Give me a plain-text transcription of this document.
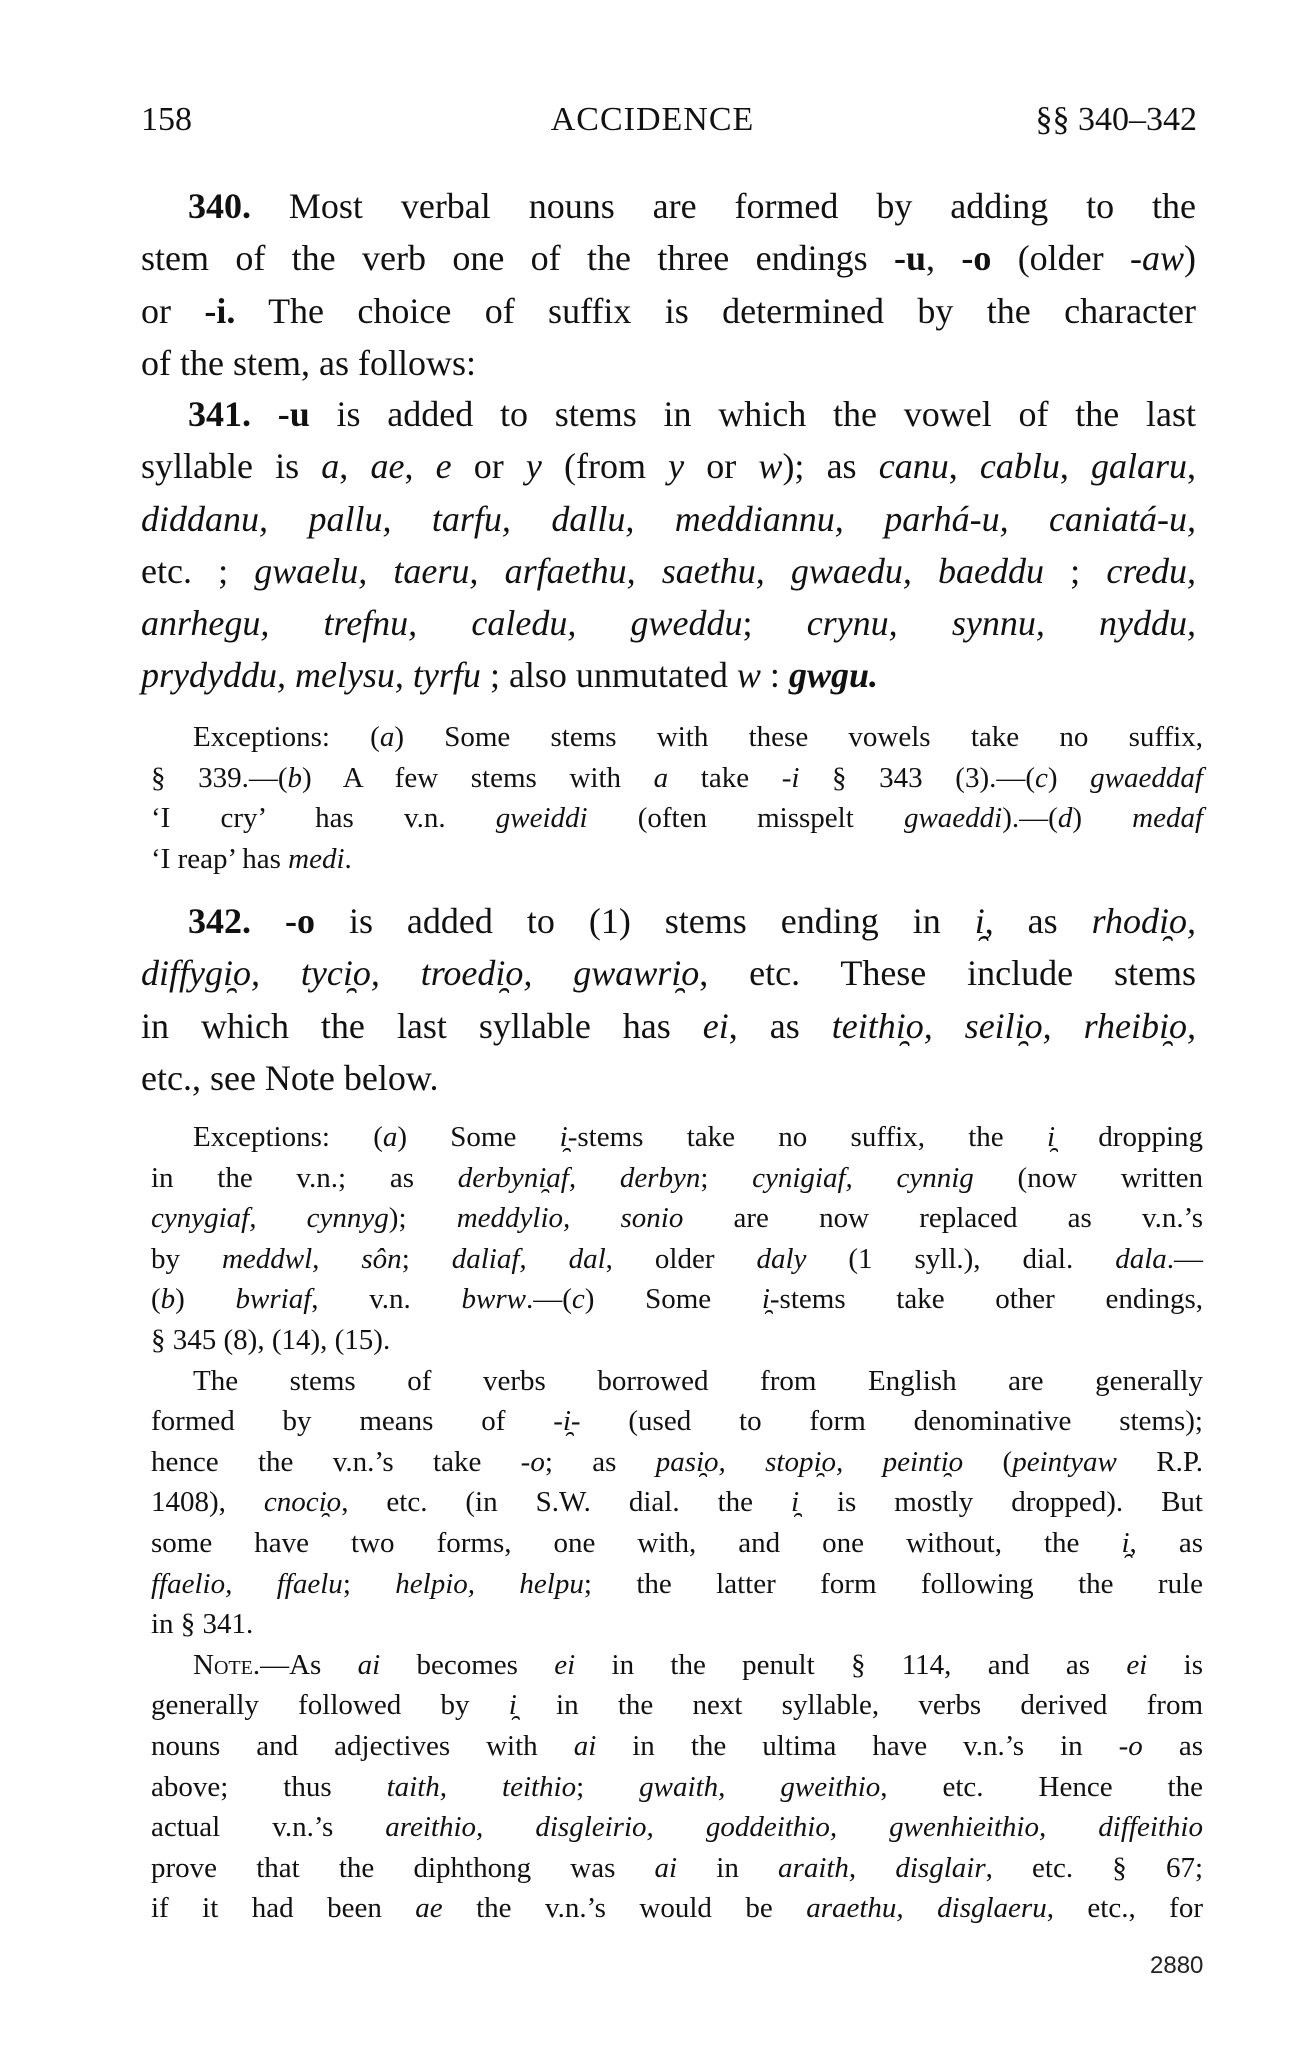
158	ACCIDENCE	§§ 340–342
340. Most verbal nouns are formed by adding to the
stem of the verb one of the three endings -u, -o (older -aw)
or -i. The choice of suffix is determined by the character
of the stem, as follows:
341. -u is added to stems in which the vowel of the last
syllable is a, ae, e or y (from y or w); as canu, cablu, galaru,
diddanu, pallu, tarfu, dallu, meddiannu, parhá-u, caniatá-u,
etc. ; gwaelu, taeru, arfaethu, saethu, gwaedu, baeddu ; credu,
anrhegu, trefnu, caledu, gweddu; crynu, synnu, nyddu,
prydyddu, melysu, tyrfu ; also unmutated w : gwgu.
Exceptions: (a) Some stems with these vowels take no suffix,
§ 339.—(b) A few stems with a take -i § 343 (3).—(c) gwaeddaf
‘I cry’ has v.n. gweiddi (often misspelt gwaeddi).—(d) medaf
‘I reap’ has medi.
342. -o is added to (1) stems ending in i̯, as rhodi̯o,
diffygi̯o, tyci̯o, troedi̯o, gwawri̯o, etc. These include stems
in which the last syllable has ei, as teithi̯o, seili̯o, rheibi̯o,
etc., see Note below.
Exceptions: (a) Some i̯-stems take no suffix, the i̯ dropping
in the v.n.; as derbyni̯af, derbyn; cynigiaf, cynnig (now written
cynygiaf, cynnyg); meddylio, sonio are now replaced as v.n.’s
by meddwl, sôn; daliaf, dal, older daly (1 syll.), dial. dala.—
(b) bwriaf, v.n. bwrw.—(c) Some i̯-stems take other endings,
§ 345 (8), (14), (15).
The stems of verbs borrowed from English are generally
formed by means of -i̯- (used to form denominative stems);
hence the v.n.’s take -o; as pasi̯o, stopi̯o, peinti̯o (peintyaw R.P.
1408), cnoci̯o, etc. (in S.W. dial. the i̯ is mostly dropped). But
some have two forms, one with, and one without, the i̯, as
ffaelio, ffaelu; helpio, helpu; the latter form following the rule
in § 341.
Note.—As ai becomes ei in the penult § 114, and as ei is
generally followed by i̯ in the next syllable, verbs derived from
nouns and adjectives with ai in the ultima have v.n.’s in -o as
above; thus taith, teithio; gwaith, gweithio, etc. Hence the
actual v.n.’s areithio, disgleirio, goddeithio, gwenhieithio, diffeithio
prove that the diphthong was ai in araith, disglair, etc. § 67;
if it had been ae the v.n.’s would be araethu, disglaeru, etc., for
2880
